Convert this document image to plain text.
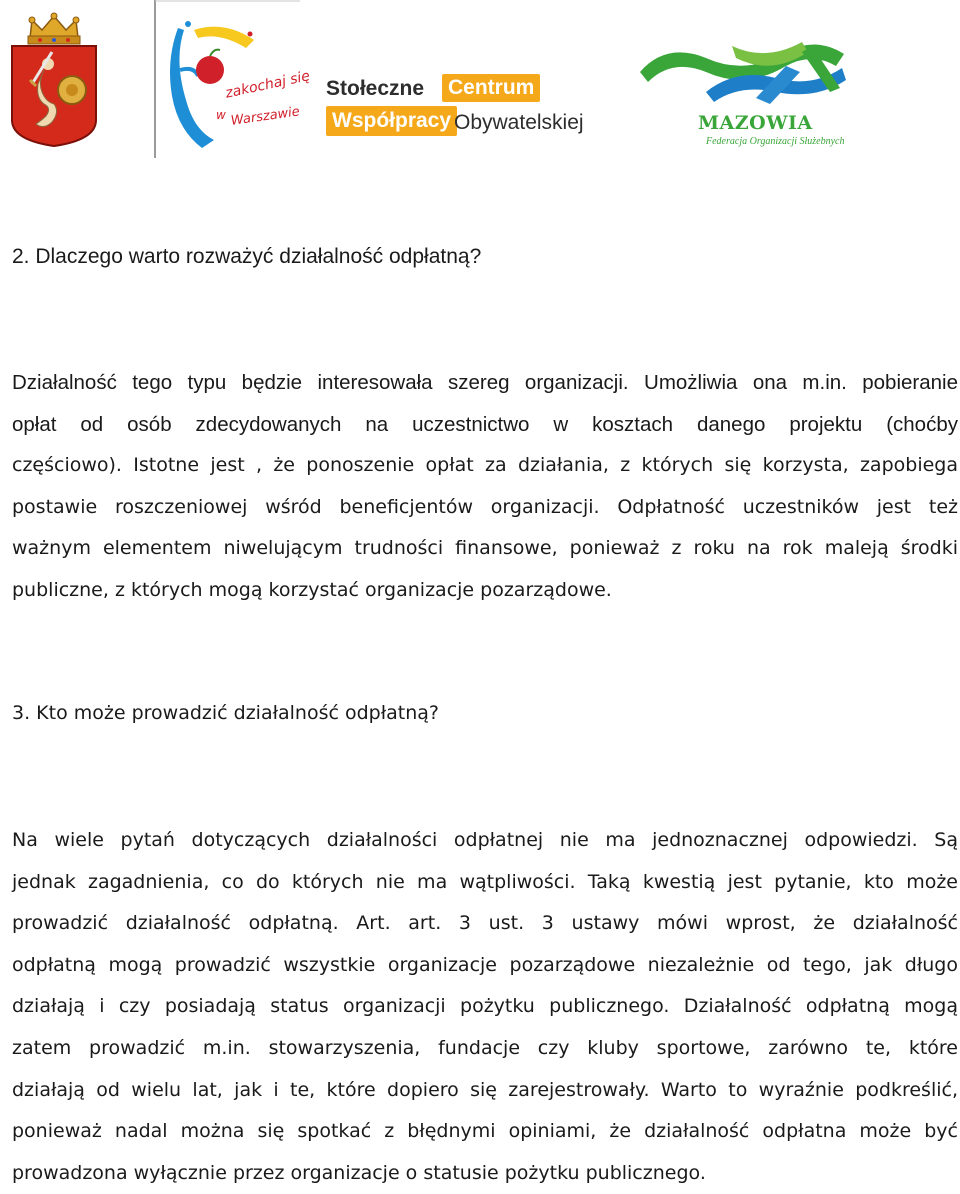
zakochaj się
w Warszawie
Stołeczne Centrum
Współpracy Obywatelskiej	MAZOWIA
Federacja Organizacji Służebnych
2. Dlaczego warto rozważyć działalność odpłatną?
Działalność tego typu będzie interesowała szereg organizacji. Umożliwia ona m.in. pobieranie
opłat od osób zdecydowanych na uczestnictwo w kosztach danego projektu (choćby
częściowo). Istotne jest , że ponoszenie opłat za działania, z których się korzysta, zapobiega
postawie roszczeniowej wśród beneficjentów organizacji. Odpłatność uczestników jest też
ważnym elementem niwelującym trudności finansowe, ponieważ z roku na rok maleją środki
publiczne, z których mogą korzystać organizacje pozarządowe.
3. Kto może prowadzić działalność odpłatną?
Na wiele pytań dotyczących działalności odpłatnej nie ma jednoznacznej odpowiedzi. Są
jednak zagadnienia, co do których nie ma wątpliwości. Taką kwestią jest pytanie, kto może
prowadzić działalność odpłatną. Art. art. 3 ust. 3 ustawy mówi wprost, że działalność
odpłatną mogą prowadzić wszystkie organizacje pozarządowe niezależnie od tego, jak długo
działają i czy posiadają status organizacji pożytku publicznego. Działalność odpłatną mogą
zatem prowadzić m.in. stowarzyszenia, fundacje czy kluby sportowe, zarówno te, które
działają od wielu lat, jak i te, które dopiero się zarejestrowały. Warto to wyraźnie podkreślić,
ponieważ nadal można się spotkać z błędnymi opiniami, że działalność odpłatna może być
prowadzona wyłącznie przez organizacje o statusie pożytku publicznego.
